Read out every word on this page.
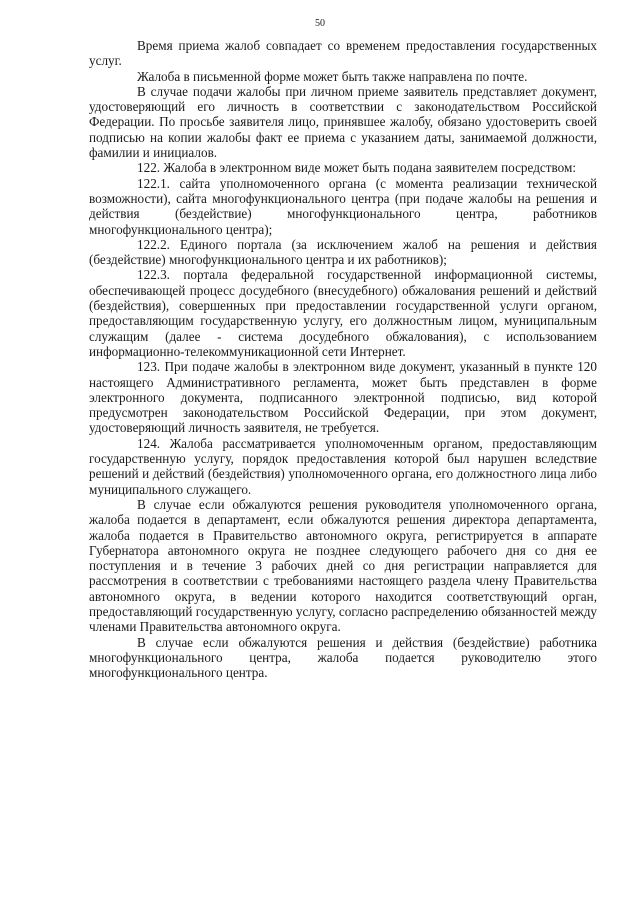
50

Время приема жалоб совпадает со временем предоставления государственных услуг.

Жалоба в письменной форме может быть также направлена по почте.

В случае подачи жалобы при личном приеме заявитель представляет документ, удостоверяющий его личность в соответствии с законодательством Российской Федерации. По просьбе заявителя лицо, принявшее жалобу, обязано удостоверить своей подписью на копии жалобы факт ее приема с указанием даты, занимаемой должности, фамилии и инициалов.

122. Жалоба в электронном виде может быть подана заявителем посредством:

122.1. сайта уполномоченного органа (с момента реализации технической возможности), сайта многофункционального центра (при подаче жалобы на решения и действия (бездействие) многофункционального центра, работников многофункционального центра);

122.2. Единого портала (за исключением жалоб на решения и действия (бездействие) многофункционального центра и их работников);

122.3. портала федеральной государственной информационной системы, обеспечивающей процесс досудебного (внесудебного) обжалования решений и действий (бездействия), совершенных при предоставлении государственной услуги органом, предоставляющим государственную услугу, его должностным лицом, муниципальным служащим (далее - система досудебного обжалования), с использованием информационно-телекоммуникационной сети Интернет.

123. При подаче жалобы в электронном виде документ, указанный в пункте 120 настоящего Административного регламента, может быть представлен в форме электронного документа, подписанного электронной подписью, вид которой предусмотрен законодательством Российской Федерации, при этом документ, удостоверяющий личность заявителя, не требуется.

124. Жалоба рассматривается уполномоченным органом, предоставляющим государственную услугу, порядок предоставления которой был нарушен вследствие решений и действий (бездействия) уполномоченного органа, его должностного лица либо муниципального служащего.

В случае если обжалуются решения руководителя уполномоченного органа, жалоба подается в департамент, если обжалуются решения директора департамента, жалоба подается в Правительство автономного округа, регистрируется в аппарате Губернатора автономного округа не позднее следующего рабочего дня со дня ее поступления и в течение 3 рабочих дней со дня регистрации направляется для рассмотрения в соответствии с требованиями настоящего раздела члену Правительства автономного округа, в ведении которого находится соответствующий орган, предоставляющий государственную услугу, согласно распределению обязанностей между членами Правительства автономного округа.

В случае если обжалуются решения и действия (бездействие) работника многофункционального центра, жалоба подается руководителю этого многофункционального центра.
